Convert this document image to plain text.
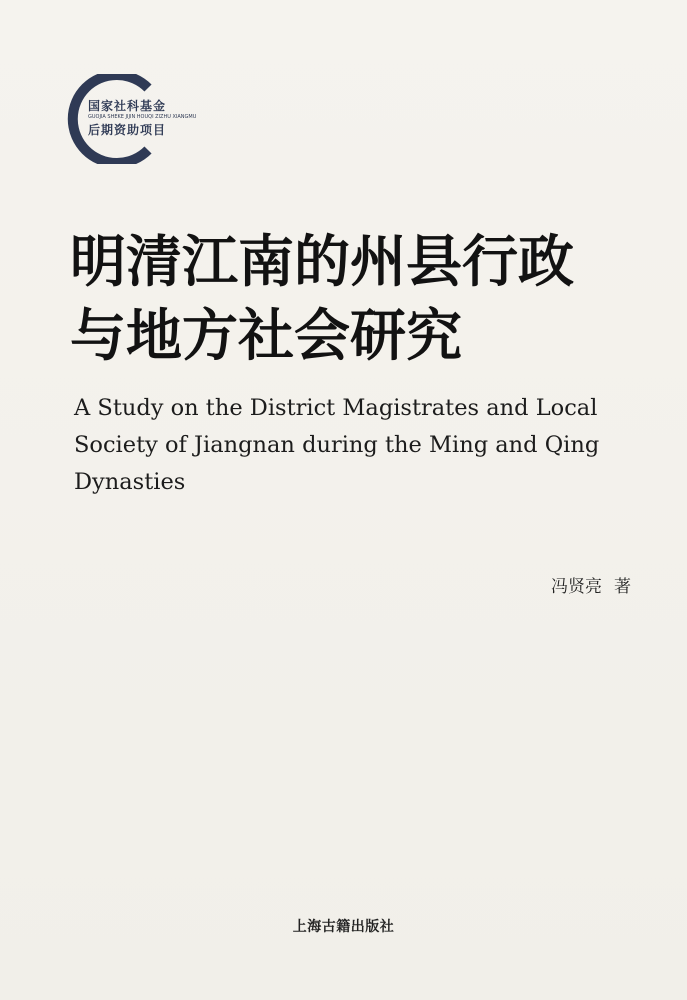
国家社科基金
GUOJIA SHEKE JIJIN HOUQI ZIZHU XIANGMU
后期资助项目
明清江南的州县行政
与地方社会研究
A Study on the District Magistrates and Local
Society of Jiangnan during the Ming and Qing
Dynasties
冯贤亮 著
上海古籍出版社
